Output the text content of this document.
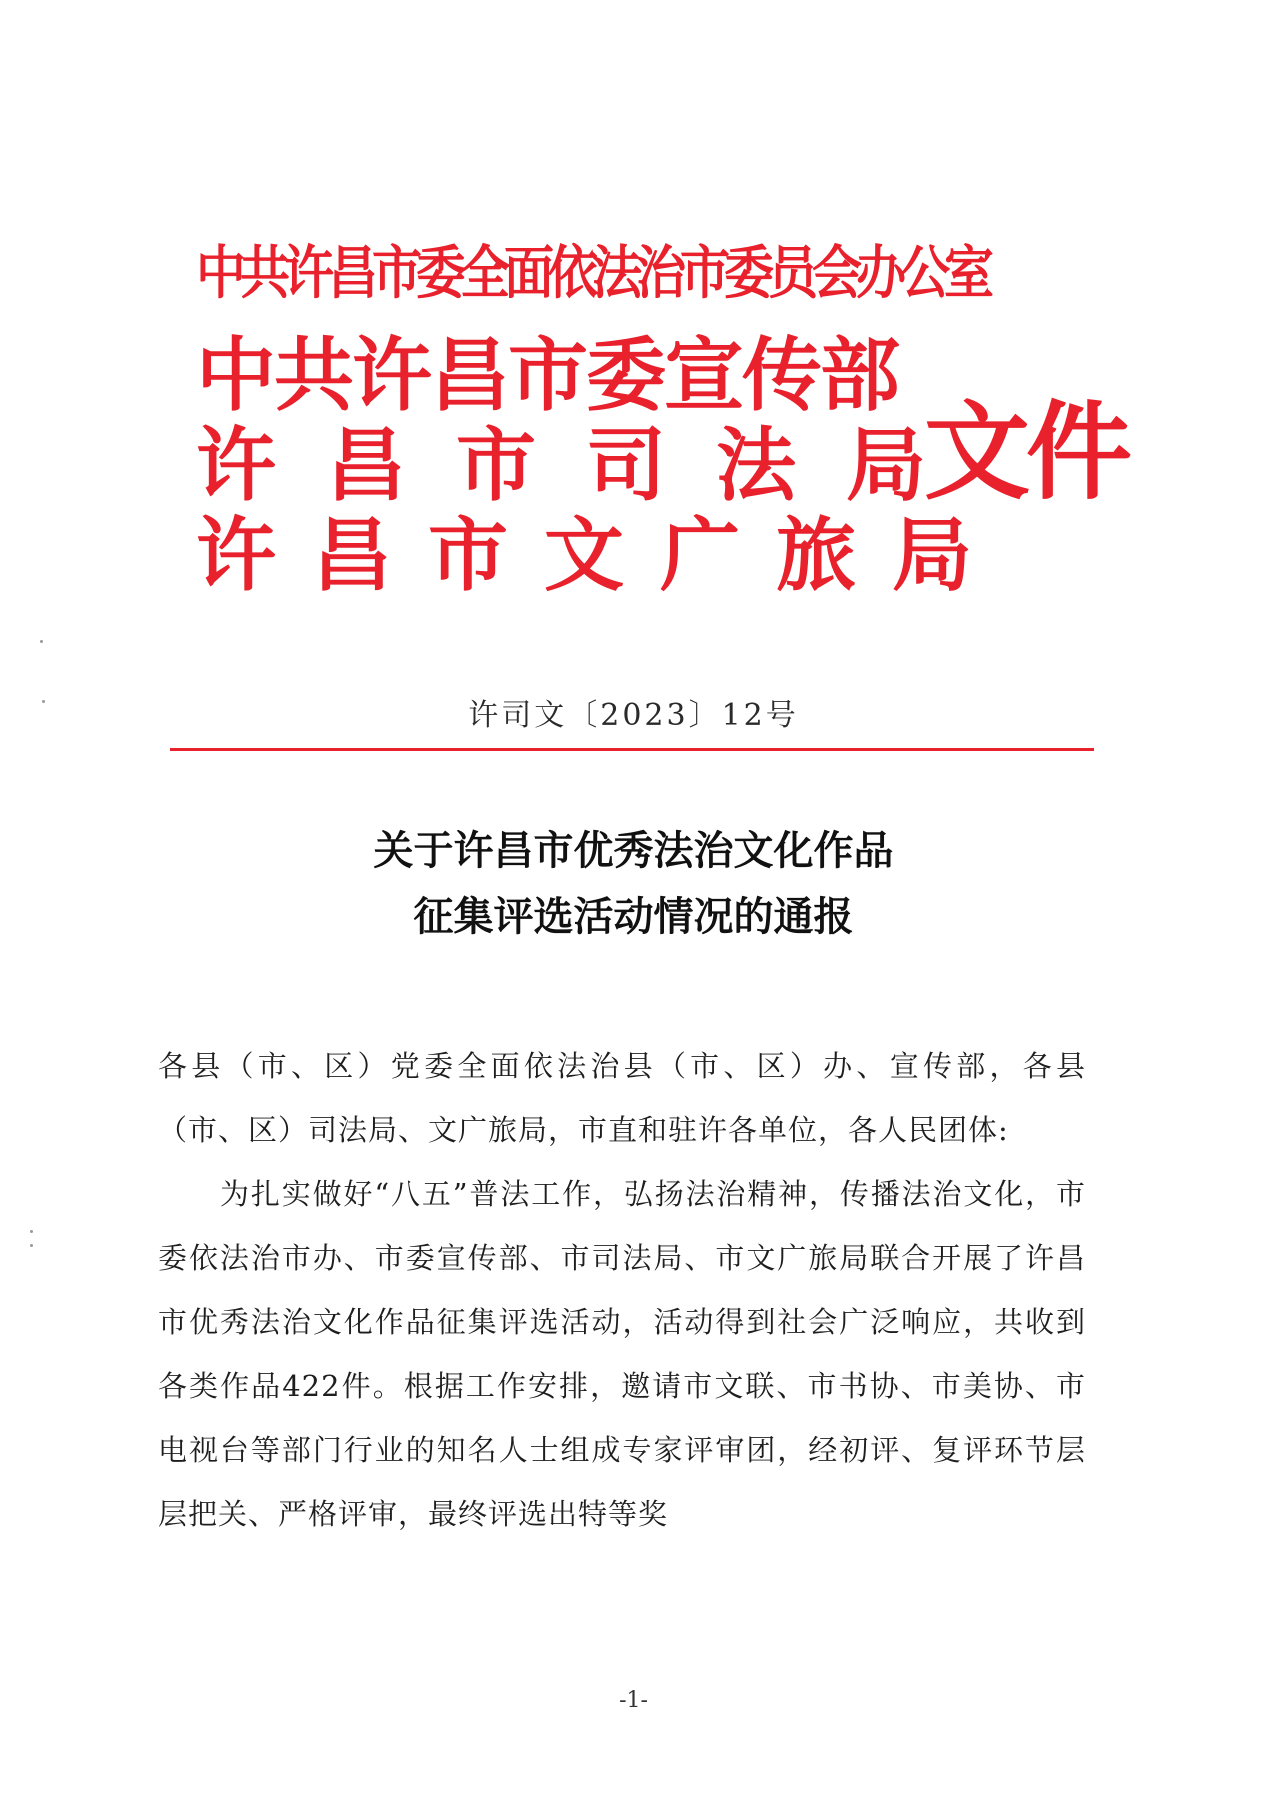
中共许昌市委全面依法治市委员会办公室
中共许昌市委宣传部
许昌市司法局
许昌市文广旅局
文件
许司文〔2023〕12号
关于许昌市优秀法治文化作品
征集评选活动情况的通报

各县（市、区）党委全面依法治县（市、区）办、宣传部，各县（市、区）司法局、文广旅局，市直和驻许各单位，各人民团体:

为扎实做好“八五”普法工作，弘扬法治精神，传播法治文化，市委依法治市办、市委宣传部、市司法局、市文广旅局联合开展了许昌市优秀法治文化作品征集评选活动，活动得到社会广泛响应，共收到各类作品422件。根据工作安排，邀请市文联、市书协、市美协、市电视台等部门行业的知名人士组成专家评审团，经初评、复评环节层层把关、严格评审，最终评选出特等奖

-1-
